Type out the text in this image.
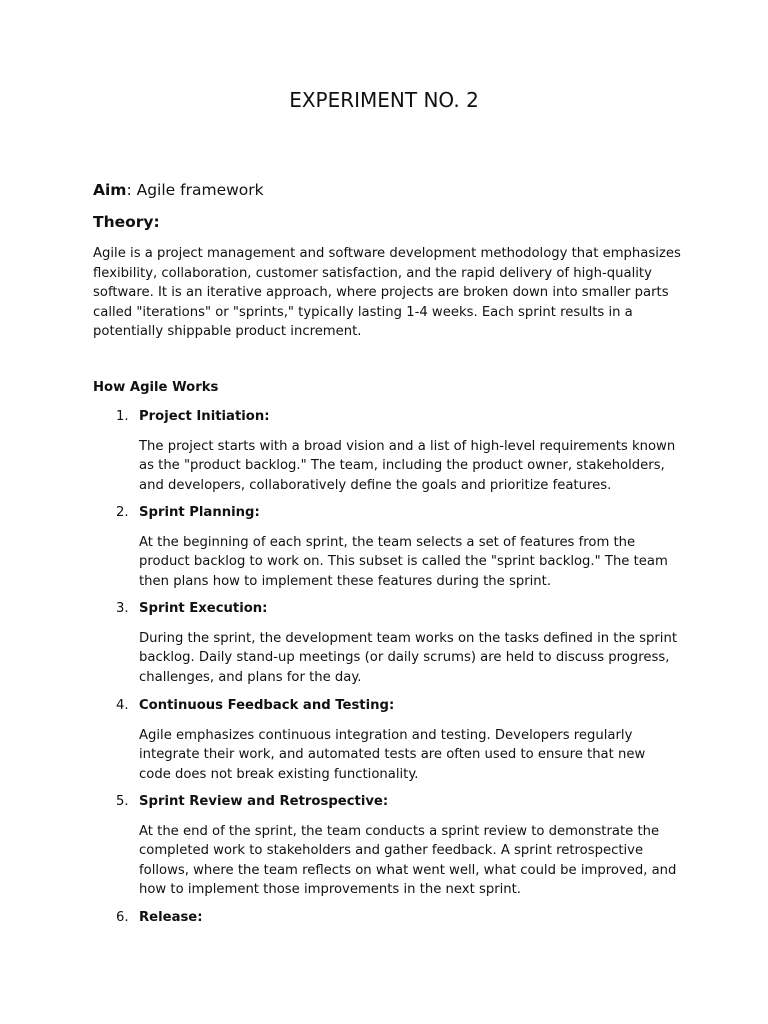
EXPERIMENT NO. 2
Aim: Agile framework
Theory:

Agile is a project management and software development methodology that emphasizes flexibility, collaboration, customer satisfaction, and the rapid delivery of high-quality software. It is an iterative approach, where projects are broken down into smaller parts called "iterations" or "sprints," typically lasting 1-4 weeks. Each sprint results in a potentially shippable product increment.

How Agile Works
1. Project Initiation:

The project starts with a broad vision and a list of high-level requirements known as the "product backlog." The team, including the product owner, stakeholders, and developers, collaboratively define the goals and prioritize features.

2. Sprint Planning:

At the beginning of each sprint, the team selects a set of features from the product backlog to work on. This subset is called the "sprint backlog." The team then plans how to implement these features during the sprint.

3. Sprint Execution:

During the sprint, the development team works on the tasks defined in the sprint backlog. Daily stand-up meetings (or daily scrums) are held to discuss progress, challenges, and plans for the day.

4. Continuous Feedback and Testing:

Agile emphasizes continuous integration and testing. Developers regularly integrate their work, and automated tests are often used to ensure that new code does not break existing functionality.

5. Sprint Review and Retrospective:

At the end of the sprint, the team conducts a sprint review to demonstrate the completed work to stakeholders and gather feedback. A sprint retrospective follows, where the team reflects on what went well, what could be improved, and how to implement those improvements in the next sprint.

6. Release:
